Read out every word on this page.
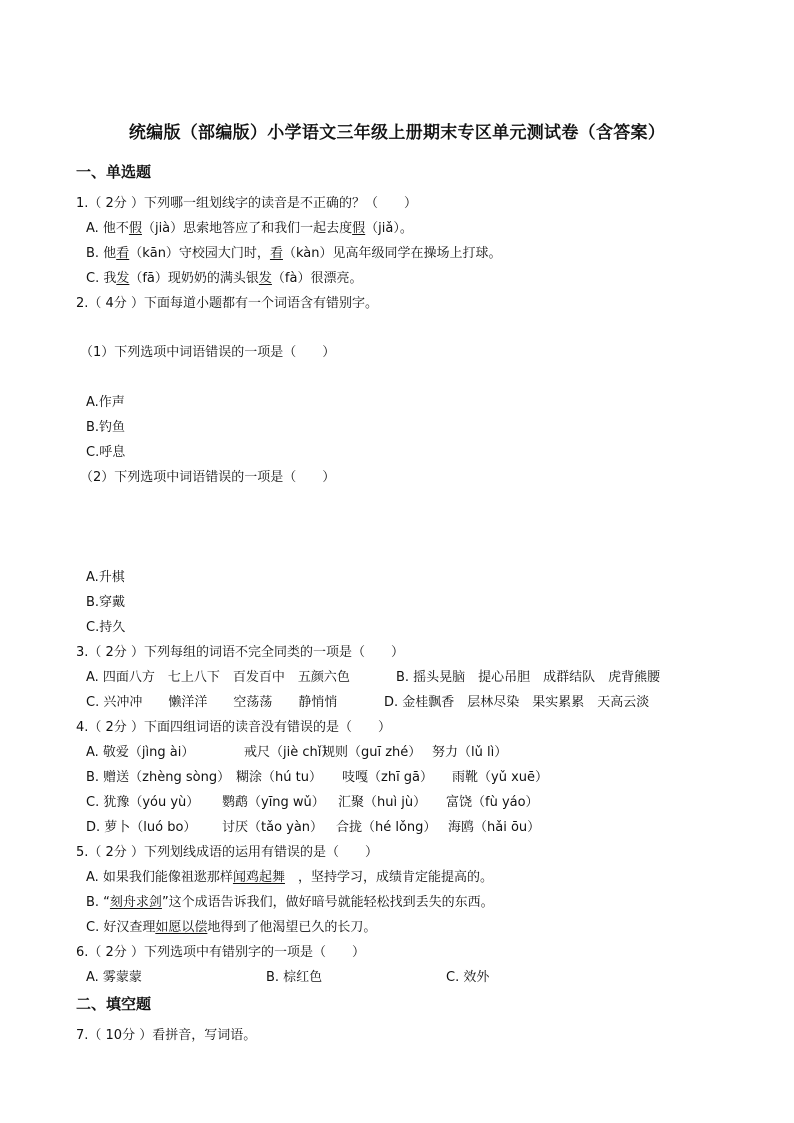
统编版（部编版）小学语文三年级上册期末专区单元测试卷（含答案）
一、单选题
1.（ 2分 ）下列哪一组划线字的读音是不正确的？（　　）
A. 他不假（jià）思索地答应了和我们一起去度假（jiǎ）。
B. 他看（kān）守校园大门时，看（kàn）见高年级同学在操场上打球。
C. 我发（fā）现奶奶的满头银发（fà）很漂亮。
2.（ 4分 ）下面每道小题都有一个词语含有错别字。
（1）下列选项中词语错误的一项是（　　）
A.作声
B.钓鱼
C.呼息
（2）下列选项中词语错误的一项是（　　）
A.升棋
B.穿戴
C.持久
3.（ 2分 ）下列每组的词语不完全同类的一项是（　　）
A. 四面八方　七上八下　百发百中　五颜六色	B. 摇头晃脑　提心吊胆　成群结队　虎背熊腰
C. 兴冲冲　　懒洋洋　　空荡荡　　静悄悄	D. 金桂飘香　层林尽染　果实累累　天高云淡
4.（ 2分 ）下面四组词语的读音没有错误的是（　　）
A. 敬爱（jìng ài）	戒尺（jiè chǐ）
规则（guī zhé） 努力（lǔ lì）
B. 赠送（zhèng sòng） 糊涂（hú tu） 吱嘎（zhī gā） 雨靴（yǔ xuē）
C. 犹豫（yóu yù） 鹦鹉（yīng wǔ） 汇聚（huì jù） 富饶（fù yáo）
D. 萝卜（luó bo） 讨厌（tǎo yàn） 合拢（hé lǒng） 海鸥（hǎi ōu）
5.（ 2分 ）下列划线成语的运用有错误的是（　　）
A. 如果我们能像祖逖那样闻鸡起舞　，坚持学习，成绩肯定能提高的。
B. “刻舟求剑”这个成语告诉我们，做好暗号就能轻松找到丢失的东西。
C. 好汉查理如愿以偿地得到了他渴望已久的长刀。
6.（ 2分 ）下列选项中有错别字的一项是（　　）
A. 雾蒙蒙	B. 棕红色	C. 效外
二、填空题
7.（ 10分 ）看拼音，写词语。
